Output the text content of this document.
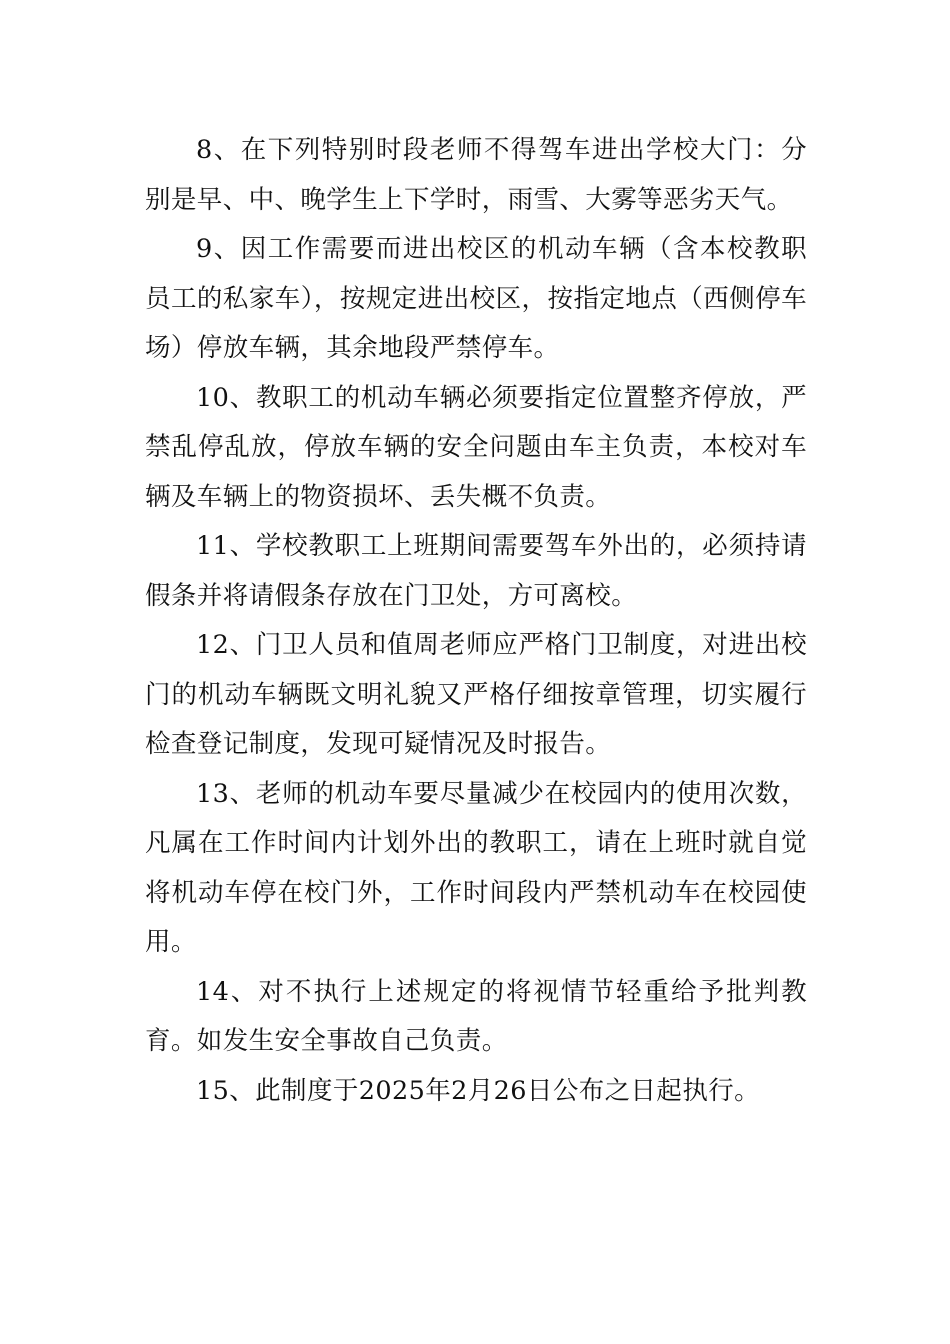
8、在下列特别时段老师不得驾车进出学校大门：分别是早、中、晚学生上下学时，雨雪、大雾等恶劣天气。

9、因工作需要而进出校区的机动车辆（含本校教职员工的私家车），按规定进出校区，按指定地点（西侧停车场）停放车辆，其余地段严禁停车。

10、教职工的机动车辆必须要指定位置整齐停放，严禁乱停乱放，停放车辆的安全问题由车主负责，本校对车辆及车辆上的物资损坏、丢失概不负责。

11、学校教职工上班期间需要驾车外出的，必须持请假条并将请假条存放在门卫处，方可离校。

12、门卫人员和值周老师应严格门卫制度，对进出校门的机动车辆既文明礼貌又严格仔细按章管理，切实履行检查登记制度，发现可疑情况及时报告。

13、老师的机动车要尽量减少在校园内的使用次数，凡属在工作时间内计划外出的教职工，请在上班时就自觉将机动车停在校门外，工作时间段内严禁机动车在校园使用。

14、对不执行上述规定的将视情节轻重给予批判教育。如发生安全事故自己负责。

15、此制度于2025年2月26日公布之日起执行。
